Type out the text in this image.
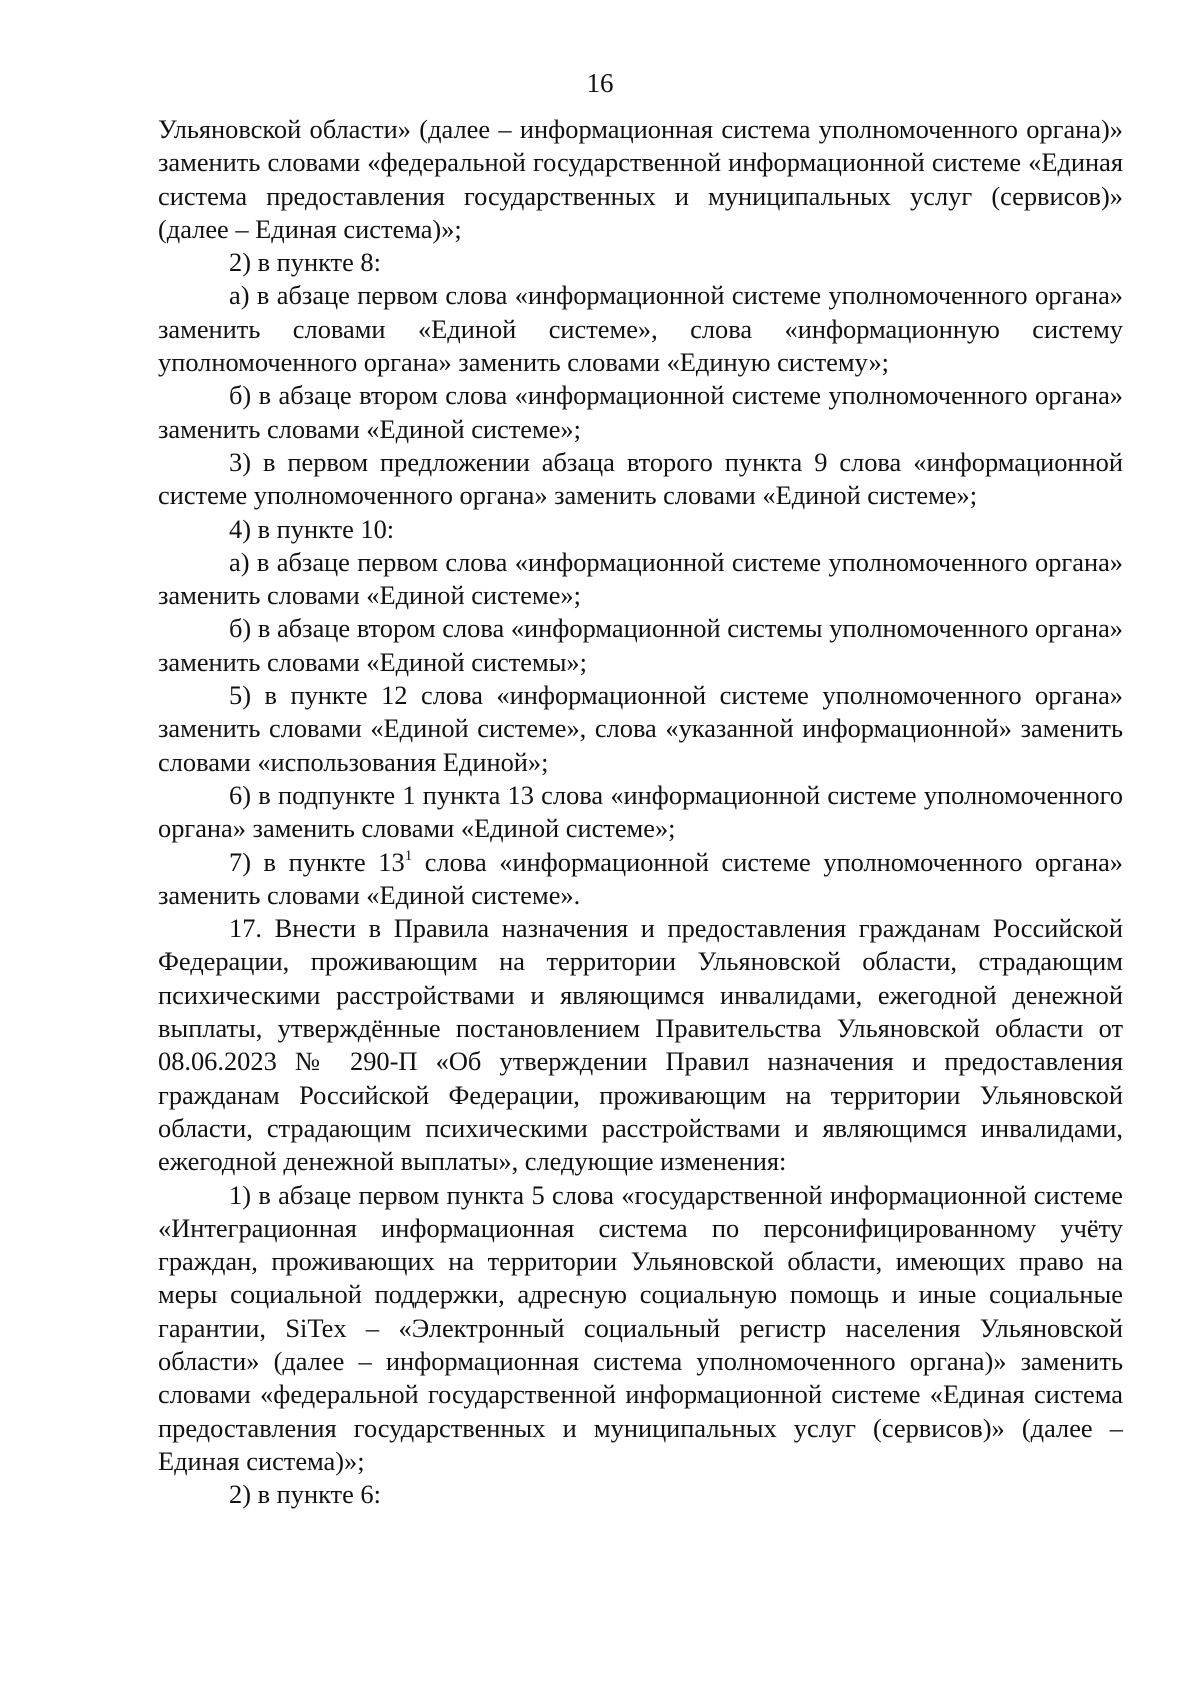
16

Ульяновской области» (далее – информационная система уполномоченного органа)» заменить словами «федеральной государственной информационной системе «Единая система предоставления государственных и муниципальных услуг (сервисов)» (далее – Единая система)»;

2) в пункте 8:

а) в абзаце первом слова «информационной системе уполномоченного органа» заменить словами «Единой системе», слова «информационную систему уполномоченного органа» заменить словами «Единую систему»;

б) в абзаце втором слова «информационной системе уполномоченного органа» заменить словами «Единой системе»;

3) в первом предложении абзаца второго пункта 9 слова «информационной системе уполномоченного органа» заменить словами «Единой системе»;

4) в пункте 10:

а) в абзаце первом слова «информационной системе уполномоченного органа» заменить словами «Единой системе»;

б) в абзаце втором слова «информационной системы уполномоченного органа» заменить словами «Единой системы»;

5) в пункте 12 слова «информационной системе уполномоченного органа» заменить словами «Единой системе», слова «указанной информационной» заменить словами «использования Единой»;

6) в подпункте 1 пункта 13 слова «информационной системе уполномоченного органа» заменить словами «Единой системе»;

7) в пункте $13^1$ слова «информационной системе уполномоченного органа» заменить словами «Единой системе».

17. Внести в Правила назначения и предоставления гражданам Российской Федерации, проживающим на территории Ульяновской области, страдающим психическими расстройствами и являющимся инвалидами, ежегодной денежной выплаты, утверждённые постановлением Правительства Ульяновской области от 08.06.2023 № 290-П «Об утверждении Правил назначения и предоставления гражданам Российской Федерации, проживающим на территории Ульяновской области, страдающим психическими расстройствами и являющимся инвалидами, ежегодной денежной выплаты», следующие изменения:

1) в абзаце первом пункта 5 слова «государственной информационной системе «Интеграционная информационная система по персонифицированному учёту граждан, проживающих на территории Ульяновской области, имеющих право на меры социальной поддержки, адресную социальную помощь и иные социальные гарантии, SiTex – «Электронный социальный регистр населения Ульяновской области» (далее – информационная система уполномоченного органа)» заменить словами «федеральной государственной информационной системе «Единая система предоставления государственных и муниципальных услуг (сервисов)» (далее – Единая система)»;

2) в пункте 6:
